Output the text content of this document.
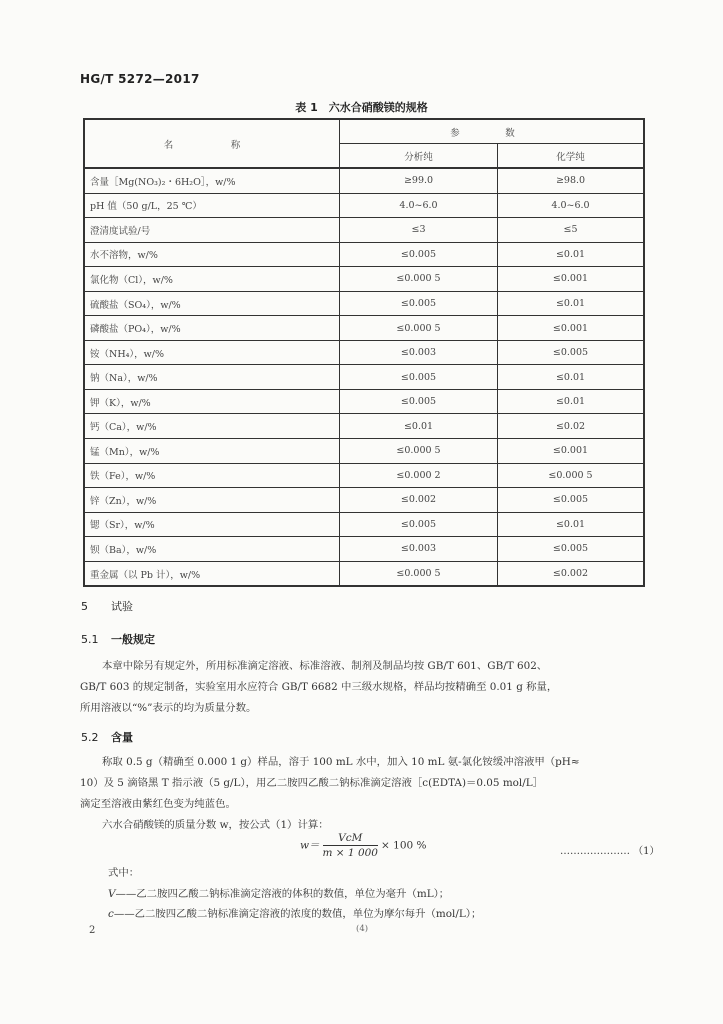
HG/T 5272—2017
表 1　六水合硝酸镁的规格
名　称	参　数	
	分析纯	化学纯
含量［Mg(NO₃)₂・6H₂O］，w/%	≥99.0	≥98.0
pH 值（50 g/L，25 ℃）	4.0~6.0	4.0~6.0
澄清度试验/号	≤3	≤5
水不溶物，w/%	≤0.005	≤0.01
氯化物（Cl），w/%	≤0.000 5	≤0.001
硫酸盐（SO₄），w/%	≤0.005	≤0.01
磷酸盐（PO₄），w/%	≤0.000 5	≤0.001
铵（NH₄），w/%	≤0.003	≤0.005
钠（Na），w/%	≤0.005	≤0.01
钾（K），w/%	≤0.005	≤0.01
钙（Ca），w/%	≤0.01	≤0.02
锰（Mn），w/%	≤0.000 5	≤0.001
铁（Fe），w/%	≤0.000 2	≤0.000 5
锌（Zn），w/%	≤0.002	≤0.005
锶（Sr），w/%	≤0.005	≤0.01
钡（Ba），w/%	≤0.003	≤0.005
重金属（以 Pb 计），w/%	≤0.000 5	≤0.002
5 试验
5.1 一般规定
本章中除另有规定外，所用标准滴定溶液、标准溶液、制剂及制品均按 GB/T 601、GB/T 602、
GB/T 603 的规定制备，实验室用水应符合 GB/T 6682 中三级水规格，样品均按精确至 0.01 g 称量，
所用溶液以“%”表示的均为质量分数。
5.2 含量
称取 0.5 g（精确至 0.000 1 g）样品，溶于 100 mL 水中，加入 10 mL 氨-氯化铵缓冲溶液甲（pH≈
10）及 5 滴铬黑 T 指示液（5 g/L），用乙二胺四乙酸二钠标准滴定溶液［c(EDTA)＝0.05 mol/L］
滴定至溶液由紫红色变为纯蓝色。
六水合硝酸镁的质量分数 w，按公式（1）计算：
$w= \frac{\text{VcM}}{m \times 1 000} \times 100$ %	………………… （1）
式中：
V——乙二胺四乙酸二钠标准滴定溶液的体积的数值，单位为毫升（mL）；
c——乙二胺四乙酸二钠标准滴定溶液的浓度的数值，单位为摩尔每升（mol/L）；
2	(4)
